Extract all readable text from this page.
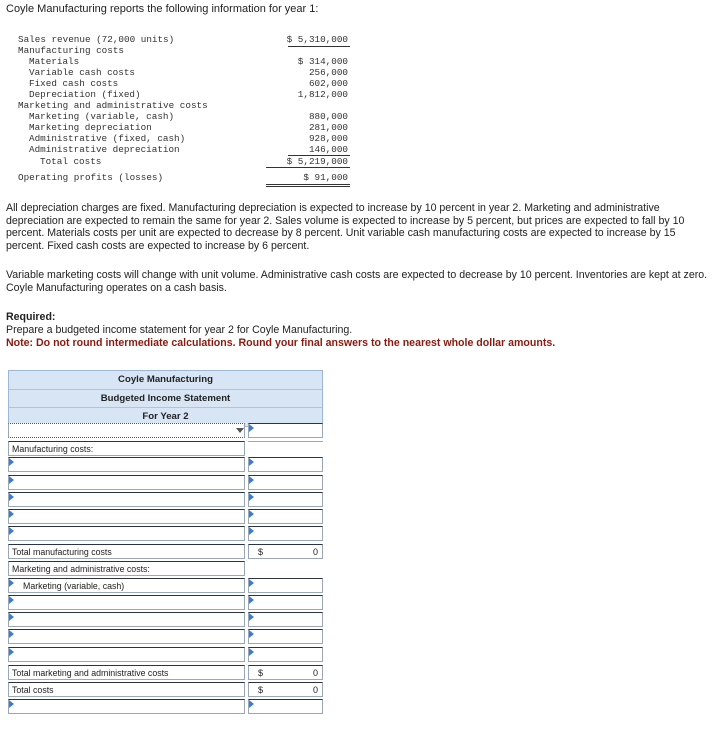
Coyle Manufacturing reports the following information for year 1:
Sales revenue (72,000 units)	$ 5,310,000
Manufacturing costs
Materials	$ 314,000
Variable cash costs	256,000
Fixed cash costs	602,000
Depreciation (fixed)	1,812,000
Marketing and administrative costs
Marketing (variable, cash)	880,000
Marketing depreciation	281,000
Administrative (fixed, cash)	928,000
Administrative depreciation	146,000
Total costs	$ 5,219,000
Operating profits (losses)	$ 91,000
All depreciation charges are fixed. Manufacturing depreciation is expected to increase by 10 percent in year 2. Marketing and administrative depreciation are expected to remain the same for year 2. Sales volume is expected to increase by 5 percent, but prices are expected to fall by 10 percent. Materials costs per unit are expected to decrease by 8 percent. Unit variable cash manufacturing costs are expected to increase by 15 percent. Fixed cash costs are expected to increase by 6 percent.
Variable marketing costs will change with unit volume. Administrative cash costs are expected to decrease by 10 percent. Inventories are kept at zero. Coyle Manufacturing operates on a cash basis.
Required:
Prepare a budgeted income statement for year 2 for Coyle Manufacturing.
Note: Do not round intermediate calculations. Round your final answers to the nearest whole dollar amounts.
Coyle Manufacturing
Budgeted Income Statement
For Year 2
Manufacturing costs:
Total manufacturing costs	$	0
Marketing and administrative costs:
Marketing (variable, cash)
Total marketing and administrative costs	$	0
Total costs	$	0
